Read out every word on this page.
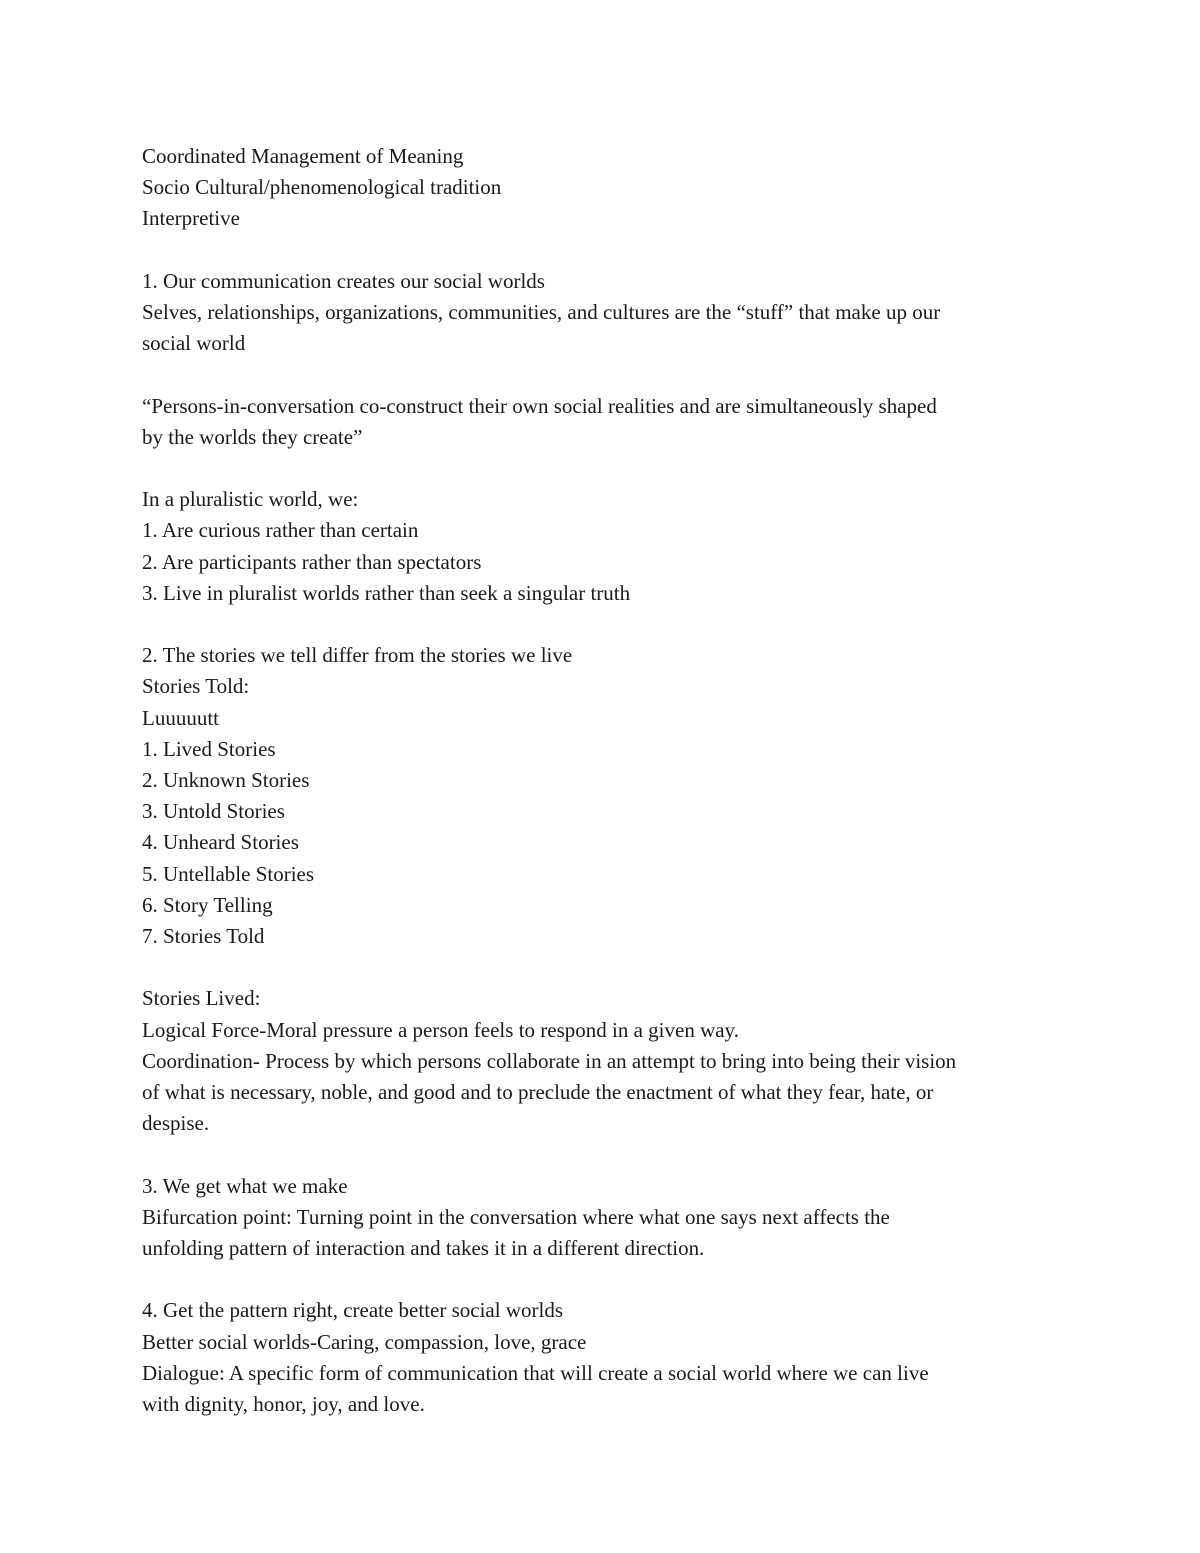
Coordinated Management of Meaning
Socio Cultural/phenomenological tradition
Interpretive
1. Our communication creates our social worlds
Selves, relationships, organizations, communities, and cultures are the “stuff” that make up our
social world
“Persons-in-conversation co-construct their own social realities and are simultaneously shaped
by the worlds they create”
In a pluralistic world, we:
1. Are curious rather than certain
2. Are participants rather than spectators
3. Live in pluralist worlds rather than seek a singular truth
2. The stories we tell differ from the stories we live
Stories Told:
Luuuuutt
1. Lived Stories
2. Unknown Stories
3. Untold Stories
4. Unheard Stories
5. Untellable Stories
6. Story Telling
7. Stories Told
Stories Lived:
Logical Force-Moral pressure a person feels to respond in a given way.
Coordination- Process by which persons collaborate in an attempt to bring into being their vision
of what is necessary, noble, and good and to preclude the enactment of what they fear, hate, or
despise.
3. We get what we make
Bifurcation point: Turning point in the conversation where what one says next affects the
unfolding pattern of interaction and takes it in a different direction.
4. Get the pattern right, create better social worlds
Better social worlds-Caring, compassion, love, grace
Dialogue: A specific form of communication that will create a social world where we can live
with dignity, honor, joy, and love.
